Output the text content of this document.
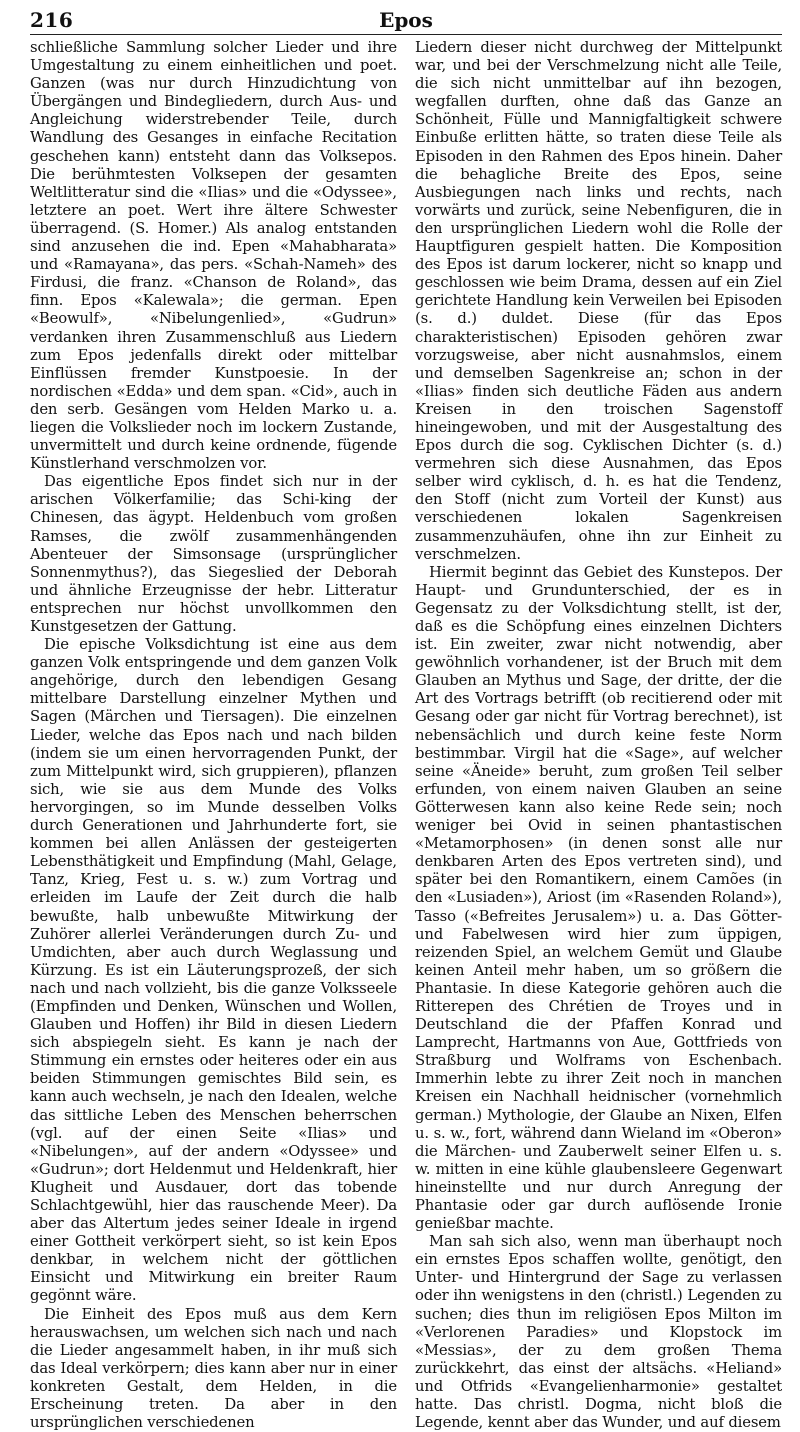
216	Epos

schließliche Sammlung solcher Lieder und ihre Umgestaltung zu einem einheitlichen und poet. Ganzen (was nur durch Hinzudichtung von Übergängen und Bindegliedern, durch Aus- und Angleichung widerstrebender Teile, durch Wandlung des Gesanges in einfache Recitation geschehen kann) entsteht dann das Volksepos. Die berühmtesten Volksepen der gesamten Weltlitteratur sind die «Ilias» und die «Odyssee», letztere an poet. Wert ihre ältere Schwester überragend. (S. Homer.) Als analog entstanden sind anzusehen die ind. Epen «Mahabharata» und «Ramayana», das pers. «Schah-Nameh» des Firdusi, die franz. «Chanson de Roland», das finn. Epos «Kalewala»; die german. Epen «Beowulf», «Nibelungenlied», «Gudrun» verdanken ihren Zusammenschluß aus Liedern zum Epos jedenfalls direkt oder mittelbar Einflüssen fremder Kunstpoesie. In der nordischen «Edda» und dem span. «Cid», auch in den serb. Gesängen vom Helden Marko u. a. liegen die Volkslieder noch im lockern Zustande, unvermittelt und durch keine ordnende, fügende Künstlerhand verschmolzen vor.

Das eigentliche Epos findet sich nur in der arischen Völkerfamilie; das Schi-king der Chinesen, das ägypt. Heldenbuch vom großen Ramses, die zwölf zusammenhängenden Abenteuer der Simsonsage (ursprünglicher Sonnenmythus?), das Siegeslied der Deborah und ähnliche Erzeugnisse der hebr. Litteratur entsprechen nur höchst unvollkommen den Kunstgesetzen der Gattung.

Die epische Volksdichtung ist eine aus dem ganzen Volk entspringende und dem ganzen Volk angehörige, durch den lebendigen Gesang mittelbare Darstellung einzelner Mythen und Sagen (Märchen und Tiersagen). Die einzelnen Lieder, welche das Epos nach und nach bilden (indem sie um einen hervorragenden Punkt, der zum Mittelpunkt wird, sich gruppieren), pflanzen sich, wie sie aus dem Munde des Volks hervorgingen, so im Munde desselben Volks durch Generationen und Jahrhunderte fort, sie kommen bei allen Anlässen der gesteigerten Lebensthätigkeit und Empfindung (Mahl, Gelage, Tanz, Krieg, Fest u. s. w.) zum Vortrag und erleiden im Laufe der Zeit durch die halb bewußte, halb unbewußte Mitwirkung der Zuhörer allerlei Veränderungen durch Zu- und Umdichten, aber auch durch Weglassung und Kürzung. Es ist ein Läuterungsprozeß, der sich nach und nach vollzieht, bis die ganze Volksseele (Empfinden und Denken, Wünschen und Wollen, Glauben und Hoffen) ihr Bild in diesen Liedern sich abspiegeln sieht. Es kann je nach der Stimmung ein ernstes oder heiteres oder ein aus beiden Stimmungen gemischtes Bild sein, es kann auch wechseln, je nach den Idealen, welche das sittliche Leben des Menschen beherrschen (vgl. auf der einen Seite «Ilias» und «Nibelungen», auf der andern «Odyssee» und «Gudrun»; dort Heldenmut und Heldenkraft, hier Klugheit und Ausdauer, dort das tobende Schlachtgewühl, hier das rauschende Meer). Da aber das Altertum jedes seiner Ideale in irgend einer Gottheit verkörpert sieht, so ist kein Epos denkbar, in welchem nicht der göttlichen Einsicht und Mitwirkung ein breiter Raum gegönnt wäre.

Die Einheit des Epos muß aus dem Kern herauswachsen, um welchen sich nach und nach die Lieder angesammelt haben, in ihr muß sich das Ideal verkörpern; dies kann aber nur in einer konkreten Gestalt, dem Helden, in die Erscheinung treten. Da aber in den ursprünglichen verschiedenen

Liedern dieser nicht durchweg der Mittelpunkt war, und bei der Verschmelzung nicht alle Teile, die sich nicht unmittelbar auf ihn bezogen, wegfallen durften, ohne daß das Ganze an Schönheit, Fülle und Mannigfaltigkeit schwere Einbuße erlitten hätte, so traten diese Teile als Episoden in den Rahmen des Epos hinein. Daher die behagliche Breite des Epos, seine Ausbiegungen nach links und rechts, nach vorwärts und zurück, seine Nebenfiguren, die in den ursprünglichen Liedern wohl die Rolle der Hauptfiguren gespielt hatten. Die Komposition des Epos ist darum lockerer, nicht so knapp und geschlossen wie beim Drama, dessen auf ein Ziel gerichtete Handlung kein Verweilen bei Episoden (s. d.) duldet. Diese (für das Epos charakteristischen) Episoden gehören zwar vorzugsweise, aber nicht ausnahmslos, einem und demselben Sagenkreise an; schon in der «Ilias» finden sich deutliche Fäden aus andern Kreisen in den troischen Sagenstoff hineingewoben, und mit der Ausgestaltung des Epos durch die sog. Cyklischen Dichter (s. d.) vermehren sich diese Ausnahmen, das Epos selber wird cyklisch, d. h. es hat die Tendenz, den Stoff (nicht zum Vorteil der Kunst) aus verschiedenen lokalen Sagenkreisen zusammenzuhäufen, ohne ihn zur Einheit zu verschmelzen.

Hiermit beginnt das Gebiet des Kunstepos. Der Haupt- und Grundunterschied, der es in Gegensatz zu der Volksdichtung stellt, ist der, daß es die Schöpfung eines einzelnen Dichters ist. Ein zweiter, zwar nicht notwendig, aber gewöhnlich vorhandener, ist der Bruch mit dem Glauben an Mythus und Sage, der dritte, der die Art des Vortrags betrifft (ob recitierend oder mit Gesang oder gar nicht für Vortrag berechnet), ist nebensächlich und durch keine feste Norm bestimmbar. Virgil hat die «Sage», auf welcher seine «Äneide» beruht, zum großen Teil selber erfunden, von einem naiven Glauben an seine Götterwesen kann also keine Rede sein; noch weniger bei Ovid in seinen phantastischen «Metamorphosen» (in denen sonst alle nur denkbaren Arten des Epos vertreten sind), und später bei den Romantikern, einem Camões (in den «Lusiaden»), Ariost (im «Rasenden Roland»), Tasso («Befreites Jerusalem») u. a. Das Götter- und Fabelwesen wird hier zum üppigen, reizenden Spiel, an welchem Gemüt und Glaube keinen Anteil mehr haben, um so größern die Phantasie. In diese Kategorie gehören auch die Ritterepen des Chrétien de Troyes und in Deutschland die der Pfaffen Konrad und Lamprecht, Hartmanns von Aue, Gottfrieds von Straßburg und Wolframs von Eschenbach. Immerhin lebte zu ihrer Zeit noch in manchen Kreisen ein Nachhall heidnischer (vornehmlich german.) Mythologie, der Glaube an Nixen, Elfen u. s. w., fort, während dann Wieland im «Oberon» die Märchen- und Zauberwelt seiner Elfen u. s. w. mitten in eine kühle glaubensleere Gegenwart hineinstellte und nur durch Anregung der Phantasie oder gar durch auflösende Ironie genießbar machte.

Man sah sich also, wenn man überhaupt noch ein ernstes Epos schaffen wollte, genötigt, den Unter- und Hintergrund der Sage zu verlassen oder ihn wenigstens in den (christl.) Legenden zu suchen; dies thun im religiösen Epos Milton im «Verlorenen Paradies» und Klopstock im «Messias», der zu dem großen Thema zurückkehrt, das einst der altsächs. «Heliand» und Otfrids «Evangelienharmonie» gestaltet hatte. Das christl. Dogma, nicht bloß die Legende, kennt aber das Wunder, und auf diesem
